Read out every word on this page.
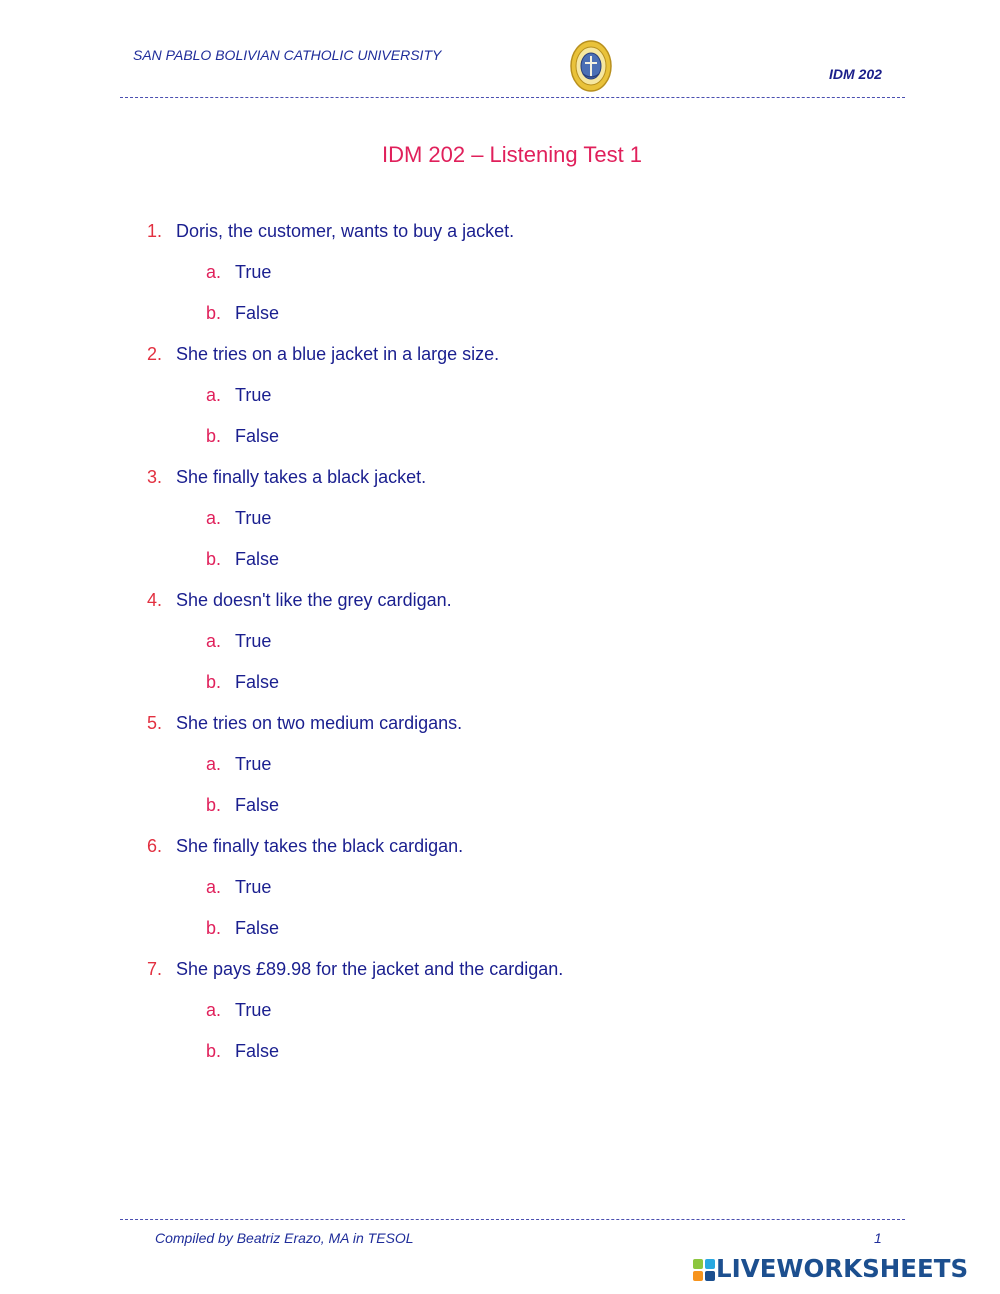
SAN PABLO BOLIVIAN CATHOLIC UNIVERSITY
IDM 202
IDM 202 – Listening Test 1
1. Doris, the customer, wants to buy a jacket.
a. True
b. False
2. She tries on a blue jacket in a large size.
a. True
b. False
3. She finally takes a black jacket.
a. True
b. False
4. She doesn't like the grey cardigan.
a. True
b. False
5. She tries on two medium cardigans.
a. True
b. False
6. She finally takes the black cardigan.
a. True
b. False
7. She pays £89.98 for the jacket and the cardigan.
a. True
b. False
Compiled by Beatriz Erazo, MA in TESOL	1
LIVEWORKSHEETS
